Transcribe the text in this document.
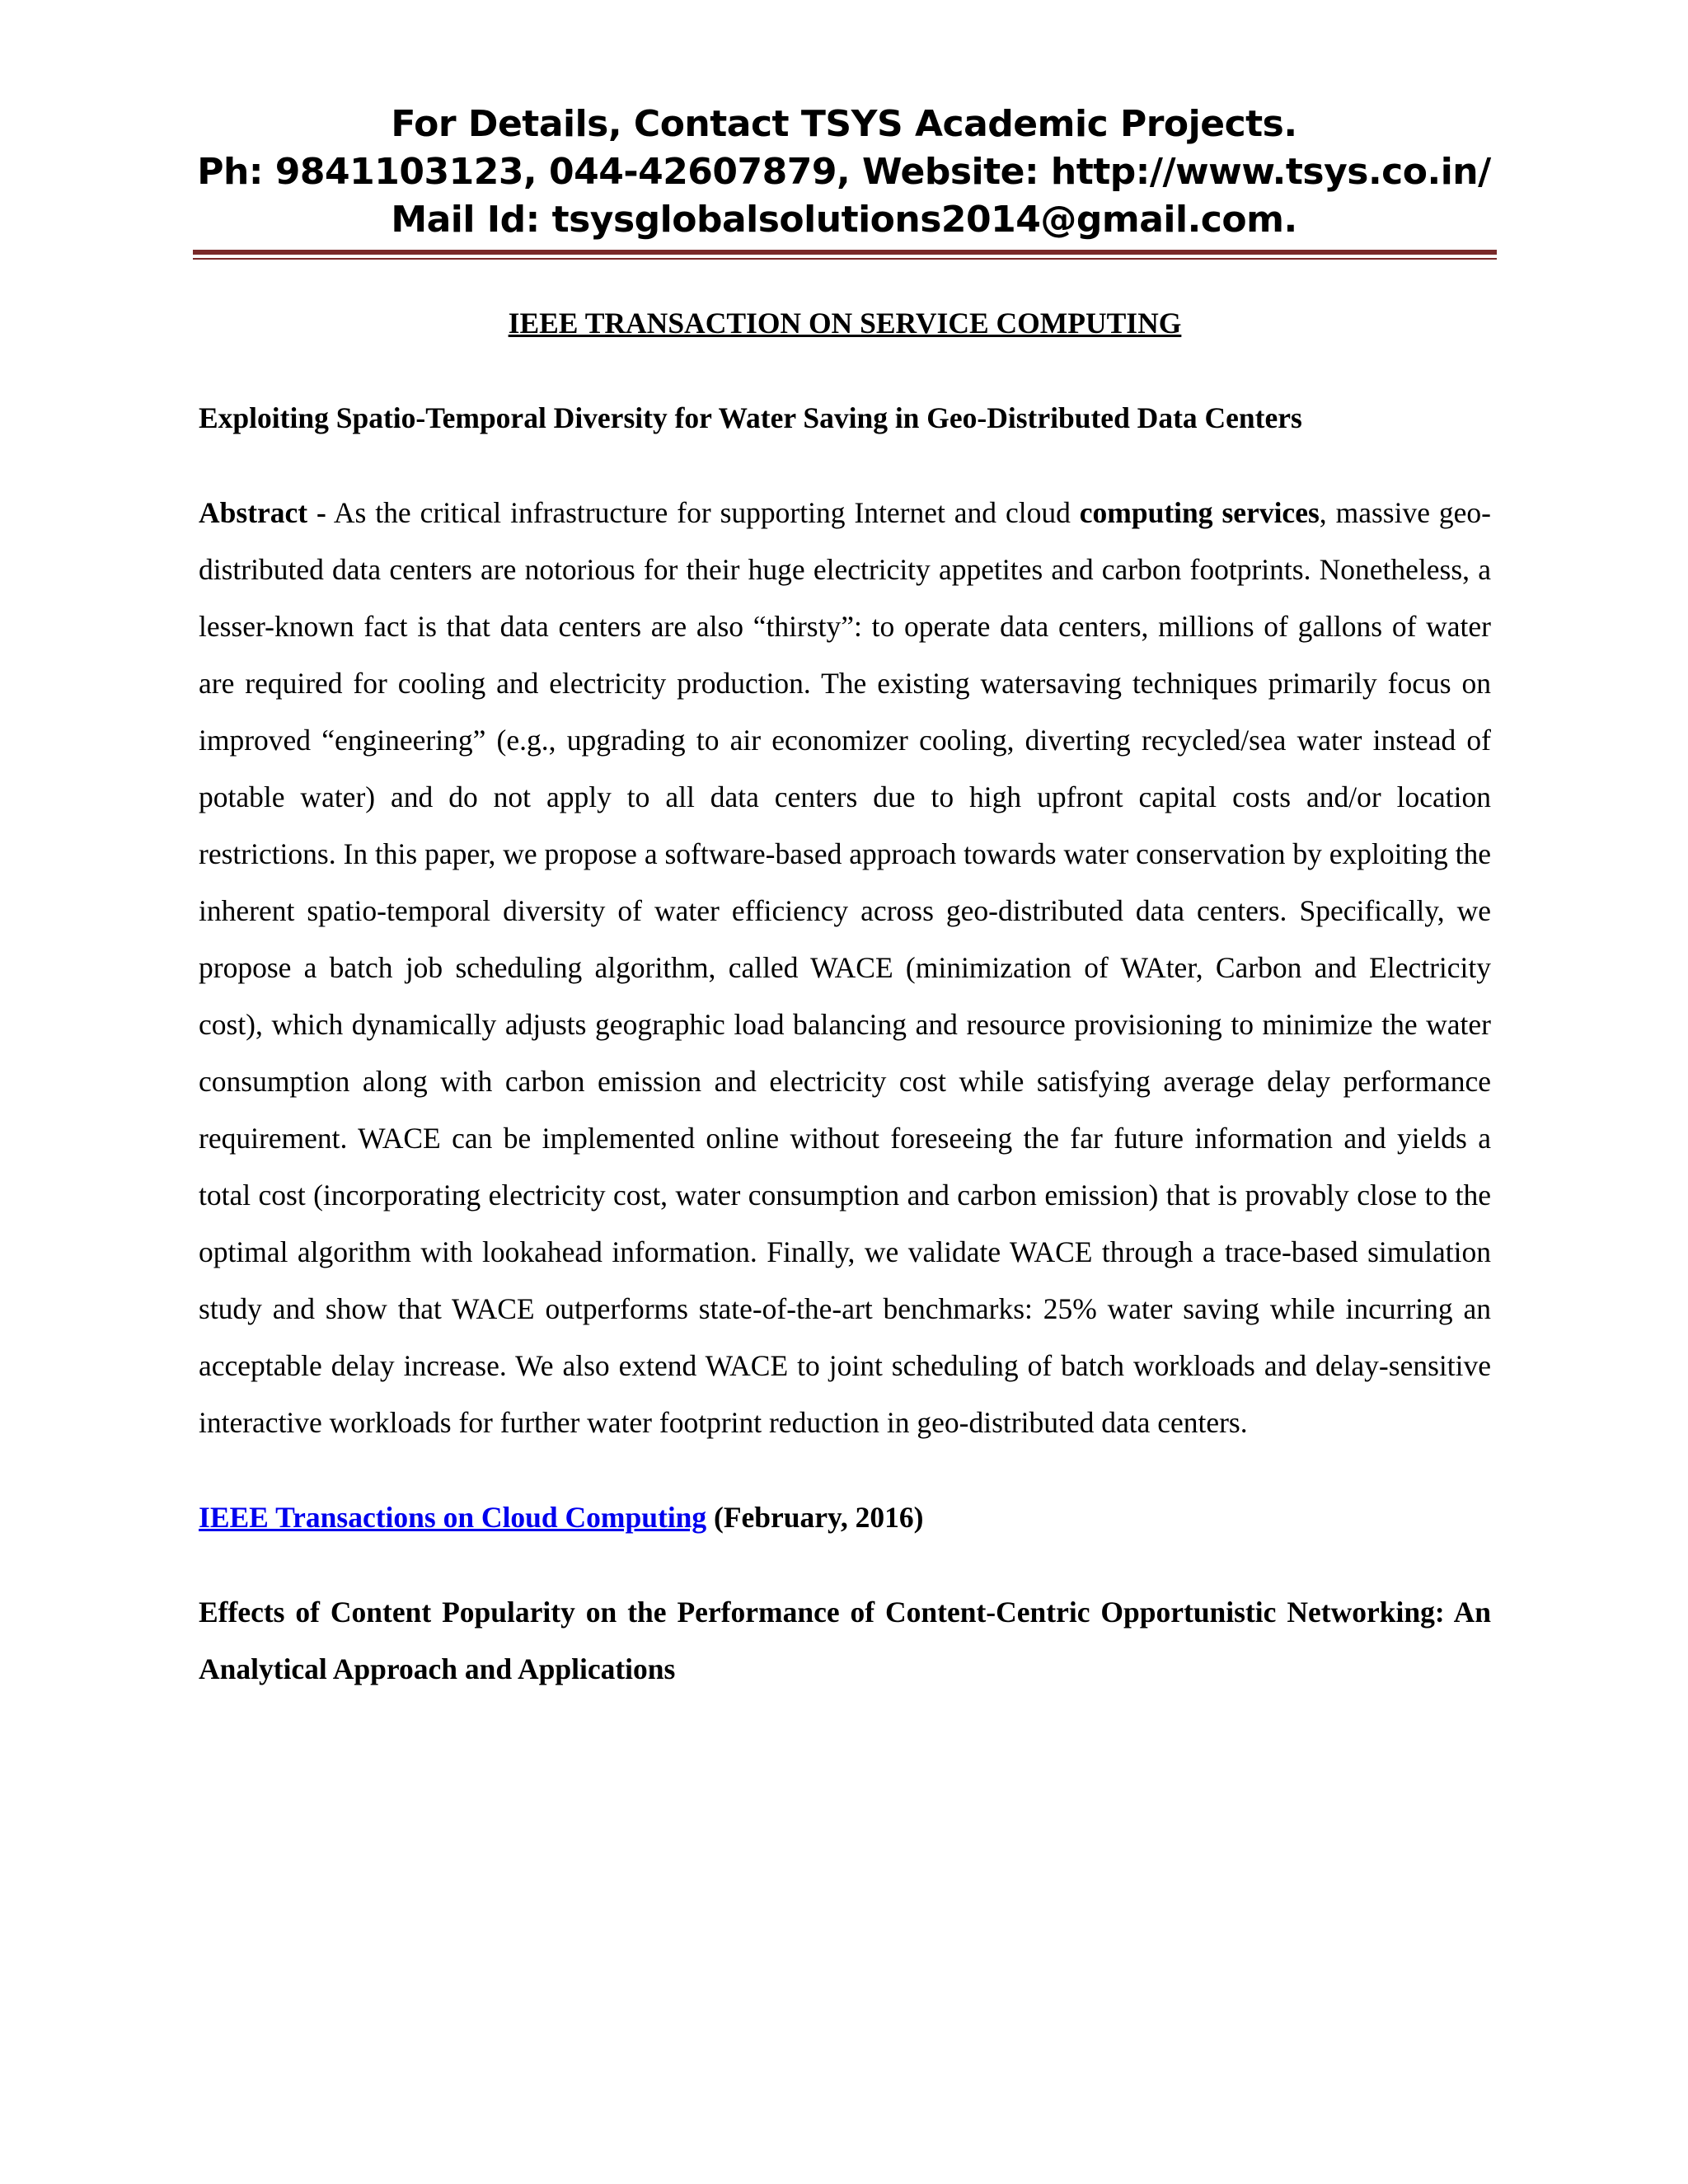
For Details, Contact TSYS Academic Projects.
Ph: 9841103123, 044-42607879, Website: http://www.tsys.co.in/
Mail Id: tsysglobalsolutions2014@gmail.com.

IEEE TRANSACTION ON SERVICE COMPUTING

Exploiting Spatio-Temporal Diversity for Water Saving in Geo-Distributed Data Centers

Abstract - As the critical infrastructure for supporting Internet and cloud computing services, massive geo-distributed data centers are notorious for their huge electricity appetites and carbon footprints. Nonetheless, a lesser-known fact is that data centers are also “thirsty”: to operate data centers, millions of gallons of water are required for cooling and electricity production. The existing watersaving techniques primarily focus on improved “engineering” (e.g., upgrading to air economizer cooling, diverting recycled/sea water instead of potable water) and do not apply to all data centers due to high upfront capital costs and/or location restrictions. In this paper, we propose a software-based approach towards water conservation by exploiting the inherent spatio-temporal diversity of water efficiency across geo-distributed data centers. Specifically, we propose a batch job scheduling algorithm, called WACE (minimization of WAter, Carbon and Electricity cost), which dynamically adjusts geographic load balancing and resource provisioning to minimize the water consumption along with carbon emission and electricity cost while satisfying average delay performance requirement. WACE can be implemented online without foreseeing the far future information and yields a total cost (incorporating electricity cost, water consumption and carbon emission) that is provably close to the optimal algorithm with lookahead information. Finally, we validate WACE through a trace-based simulation study and show that WACE outperforms state-of-the-art benchmarks: 25% water saving while incurring an acceptable delay increase. We also extend WACE to joint scheduling of batch workloads and delay-sensitive interactive workloads for further water footprint reduction in geo-distributed data centers.

IEEE Transactions on Cloud Computing (February, 2016)

Effects of Content Popularity on the Performance of Content-Centric Opportunistic Networking: An Analytical Approach and Applications
